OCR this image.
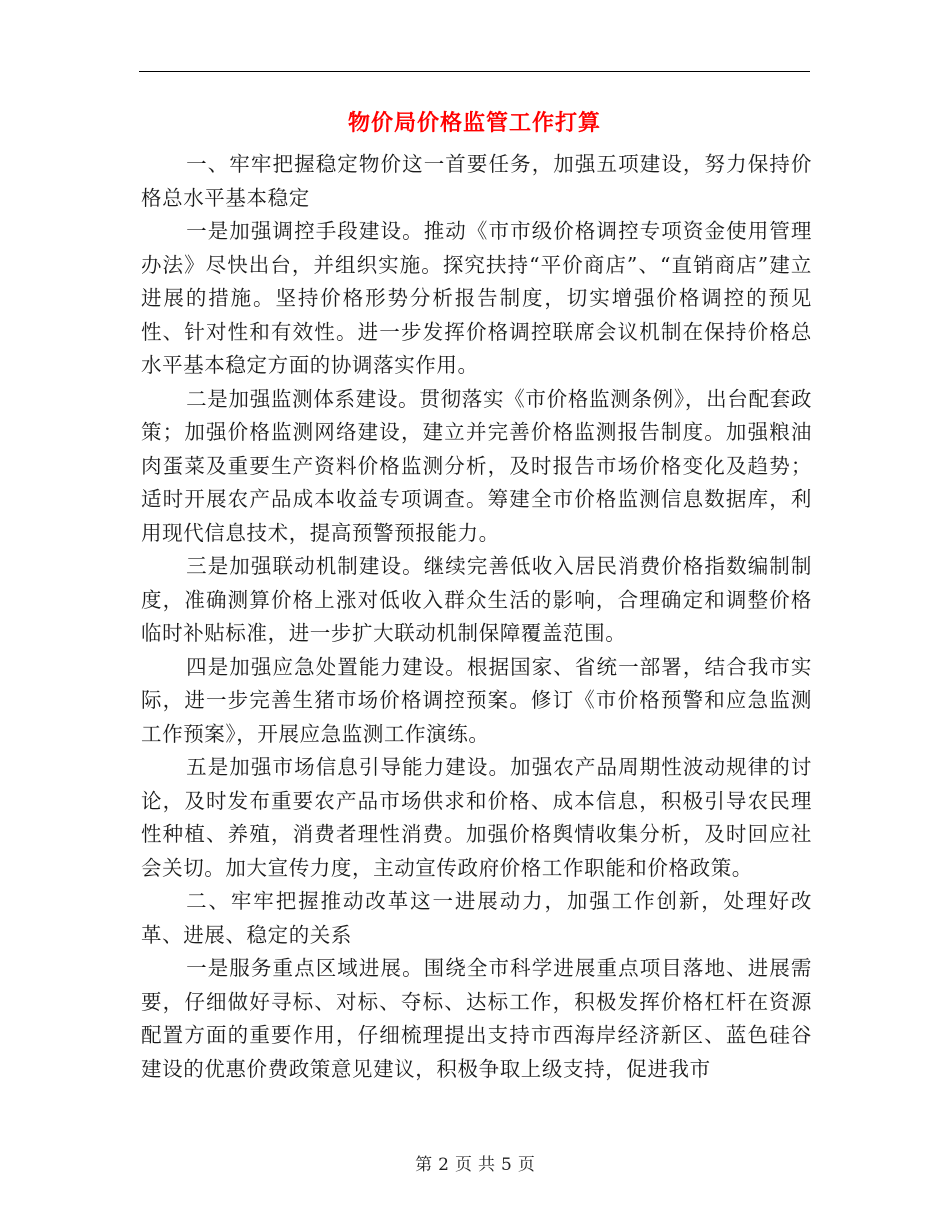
物价局价格监管工作打算

一、牢牢把握稳定物价这一首要任务，加强五项建设，努力保持价格总水平基本稳定

一是加强调控手段建设。推动《市市级价格调控专项资金使用管理办法》尽快出台，并组织实施。探究扶持“平价商店”、“直销商店”建立进展的措施。坚持价格形势分析报告制度，切实增强价格调控的预见性、针对性和有效性。进一步发挥价格调控联席会议机制在保持价格总水平基本稳定方面的协调落实作用。

二是加强监测体系建设。贯彻落实《市价格监测条例》，出台配套政策；加强价格监测网络建设，建立并完善价格监测报告制度。加强粮油肉蛋菜及重要生产资料价格监测分析，及时报告市场价格变化及趋势；适时开展农产品成本收益专项调查。筹建全市价格监测信息数据库，利用现代信息技术，提高预警预报能力。

三是加强联动机制建设。继续完善低收入居民消费价格指数编制制度，准确测算价格上涨对低收入群众生活的影响，合理确定和调整价格临时补贴标准，进一步扩大联动机制保障覆盖范围。

四是加强应急处置能力建设。根据国家、省统一部署，结合我市实际，进一步完善生猪市场价格调控预案。修订《市价格预警和应急监测工作预案》，开展应急监测工作演练。

五是加强市场信息引导能力建设。加强农产品周期性波动规律的讨论，及时发布重要农产品市场供求和价格、成本信息，积极引导农民理性种植、养殖，消费者理性消费。加强价格舆情收集分析，及时回应社会关切。加大宣传力度，主动宣传政府价格工作职能和价格政策。

二、牢牢把握推动改革这一进展动力，加强工作创新，处理好改革、进展、稳定的关系

一是服务重点区域进展。围绕全市科学进展重点项目落地、进展需要，仔细做好寻标、对标、夺标、达标工作，积极发挥价格杠杆在资源配置方面的重要作用，仔细梳理提出支持市西海岸经济新区、蓝色硅谷建设的优惠价费政策意见建议，积极争取上级支持，促进我市

第 2 页 共 5 页
